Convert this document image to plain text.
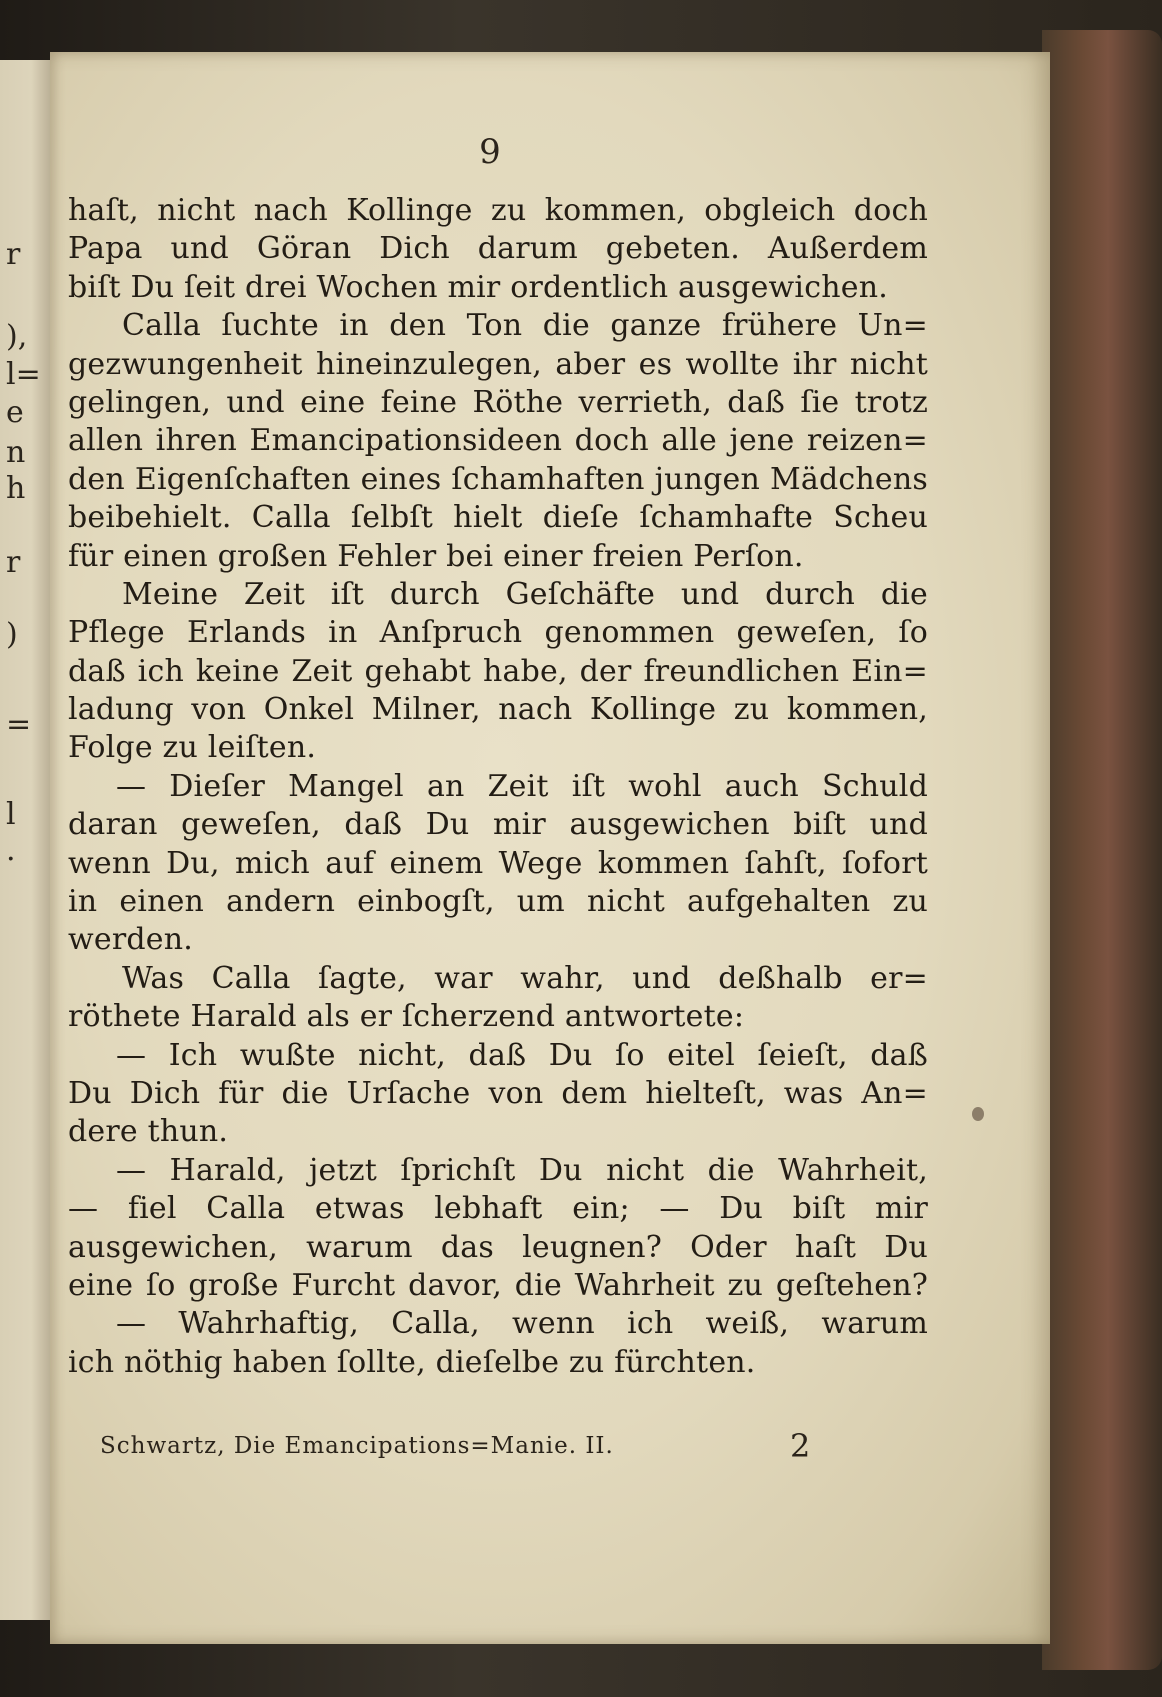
r
),
l=
e
n
h
r
)
=
l
.
9
haſt, nicht nach Kollinge zu kommen, obgleich doch
Papa und Göran Dich darum gebeten. Außerdem
biſt Du ſeit drei Wochen mir ordentlich ausgewichen.
Calla ſuchte in den Ton die ganze frühere Un=
gezwungenheit hineinzulegen, aber es wollte ihr nicht
gelingen, und eine feine Röthe verrieth, daß ſie trotz
allen ihren Emancipationsideen doch alle jene reizen=
den Eigenſchaften eines ſchamhaften jungen Mädchens
beibehielt. Calla ſelbſt hielt dieſe ſchamhafte Scheu
für einen großen Fehler bei einer freien Perſon.
Meine Zeit iſt durch Geſchäfte und durch die
Pflege Erlands in Anſpruch genommen geweſen, ſo
daß ich keine Zeit gehabt habe, der freundlichen Ein=
ladung von Onkel Milner, nach Kollinge zu kommen,
Folge zu leiſten.
— Dieſer Mangel an Zeit iſt wohl auch Schuld
daran geweſen, daß Du mir ausgewichen biſt und
wenn Du, mich auf einem Wege kommen ſahſt, ſofort
in einen andern einbogſt, um nicht aufgehalten zu
werden.
Was Calla ſagte, war wahr, und deßhalb er=
röthete Harald als er ſcherzend antwortete:
— Ich wußte nicht, daß Du ſo eitel ſeieſt, daß
Du Dich für die Urſache von dem hielteſt, was An=
dere thun.
— Harald, jetzt ſprichſt Du nicht die Wahrheit,
— fiel Calla etwas lebhaft ein; — Du biſt mir
ausgewichen, warum das leugnen? Oder haſt Du
eine ſo große Furcht davor, die Wahrheit zu geſtehen?
— Wahrhaftig, Calla, wenn ich weiß, warum
ich nöthig haben ſollte, dieſelbe zu fürchten.
Schwartz, Die Emancipations=Manie. II.	2
